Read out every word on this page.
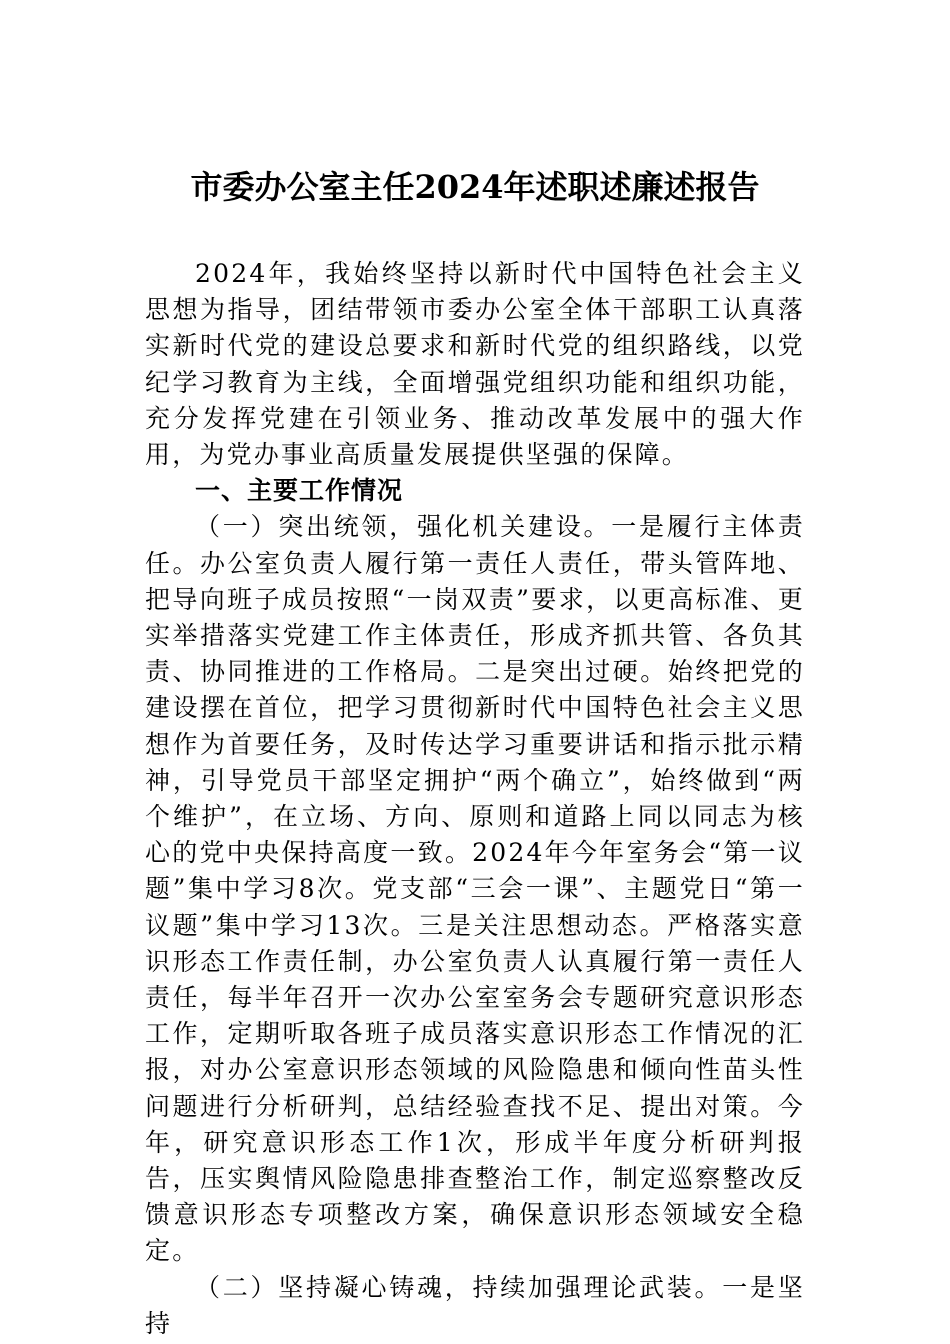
市委办公室主任2024年述职述廉述报告

2024年，我始终坚持以新时代中国特色社会主义思想为指导，团结带领市委办公室全体干部职工认真落实新时代党的建设总要求和新时代党的组织路线，以党纪学习教育为主线，全面增强党组织功能和组织功能，充分发挥党建在引领业务、推动改革发展中的强大作用，为党办事业高质量发展提供坚强的保障。

一、主要工作情况

（一）突出统领，强化机关建设。一是履行主体责任。办公室负责人履行第一责任人责任，带头管阵地、把导向班子成员按照“一岗双责”要求，以更高标准、更实举措落实党建工作主体责任，形成齐抓共管、各负其责、协同推进的工作格局。二是突出过硬。始终把党的建设摆在首位，把学习贯彻新时代中国特色社会主义思想作为首要任务，及时传达学习重要讲话和指示批示精神，引导党员干部坚定拥护“两个确立”，始终做到“两个维护”，在立场、方向、原则和道路上同以同志为核心的党中央保持高度一致。2024年今年室务会“第一议题”集中学习8次。党支部“三会一课”、主题党日“第一议题”集中学习13次。三是关注思想动态。严格落实意识形态工作责任制，办公室负责人认真履行第一责任人责任，每半年召开一次办公室室务会专题研究意识形态工作，定期听取各班子成员落实意识形态工作情况的汇报，对办公室意识形态领域的风险隐患和倾向性苗头性问题进行分析研判，总结经验查找不足、提出对策。今年，研究意识形态工作1次，形成半年度分析研判报告，压实舆情风险隐患排查整治工作，制定巡察整改反馈意识形态专项整改方案，确保意识形态领域安全稳定。

（二）坚持凝心铸魂，持续加强理论武装。一是坚持
